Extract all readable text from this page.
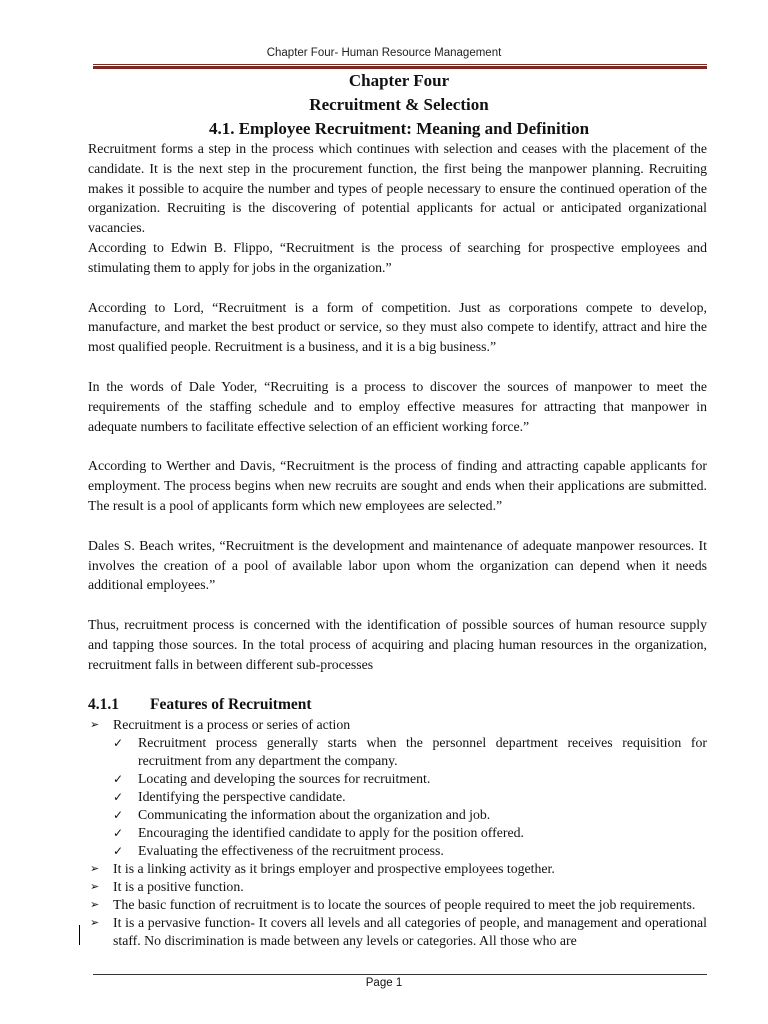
Chapter Four- Human Resource Management
Chapter Four
Recruitment & Selection
4.1. Employee Recruitment: Meaning and Definition

Recruitment forms a step in the process which continues with selection and ceases with the placement of the candidate. It is the next step in the procurement function, the first being the manpower planning. Recruiting makes it possible to acquire the number and types of people necessary to ensure the continued operation of the organization. Recruiting is the discovering of potential applicants for actual or anticipated organizational vacancies.

According to Edwin B. Flippo, “Recruitment is the process of searching for prospective employees and stimulating them to apply for jobs in the organization.”

According to Lord, “Recruitment is a form of competition. Just as corporations compete to develop, manufacture, and market the best product or service, so they must also compete to identify, attract and hire the most qualified people. Recruitment is a business, and it is a big business.”

In the words of Dale Yoder, “Recruiting is a process to discover the sources of manpower to meet the requirements of the staffing schedule and to employ effective measures for attracting that manpower in adequate numbers to facilitate effective selection of an efficient working force.”

According to Werther and Davis, “Recruitment is the process of finding and attracting capable applicants for employment. The process begins when new recruits are sought and ends when their applications are submitted. The result is a pool of applicants form which new employees are selected.”

Dales S. Beach writes, “Recruitment is the development and maintenance of adequate manpower resources. It involves the creation of a pool of available labor upon whom the organization can depend when it needs additional employees.”

Thus, recruitment process is concerned with the identification of possible sources of human resource supply and tapping those sources. In the total process of acquiring and placing human resources in the organization, recruitment falls in between different sub-processes

4.1.1 Features of Recruitment

➢ Recruitment is a process or series of action
✓ Recruitment process generally starts when the personnel department receives requisition for recruitment from any department the company.
✓ Locating and developing the sources for recruitment.
✓ Identifying the perspective candidate.
✓ Communicating the information about the organization and job.
✓ Encouraging the identified candidate to apply for the position offered.
✓ Evaluating the effectiveness of the recruitment process.
➢ It is a linking activity as it brings employer and prospective employees together.
➢ It is a positive function.
➢ The basic function of recruitment is to locate the sources of people required to meet the job requirements.
➢ It is a pervasive function- It covers all levels and all categories of people, and management and operational staff. No discrimination is made between any levels or categories. All those who are
Page 1
